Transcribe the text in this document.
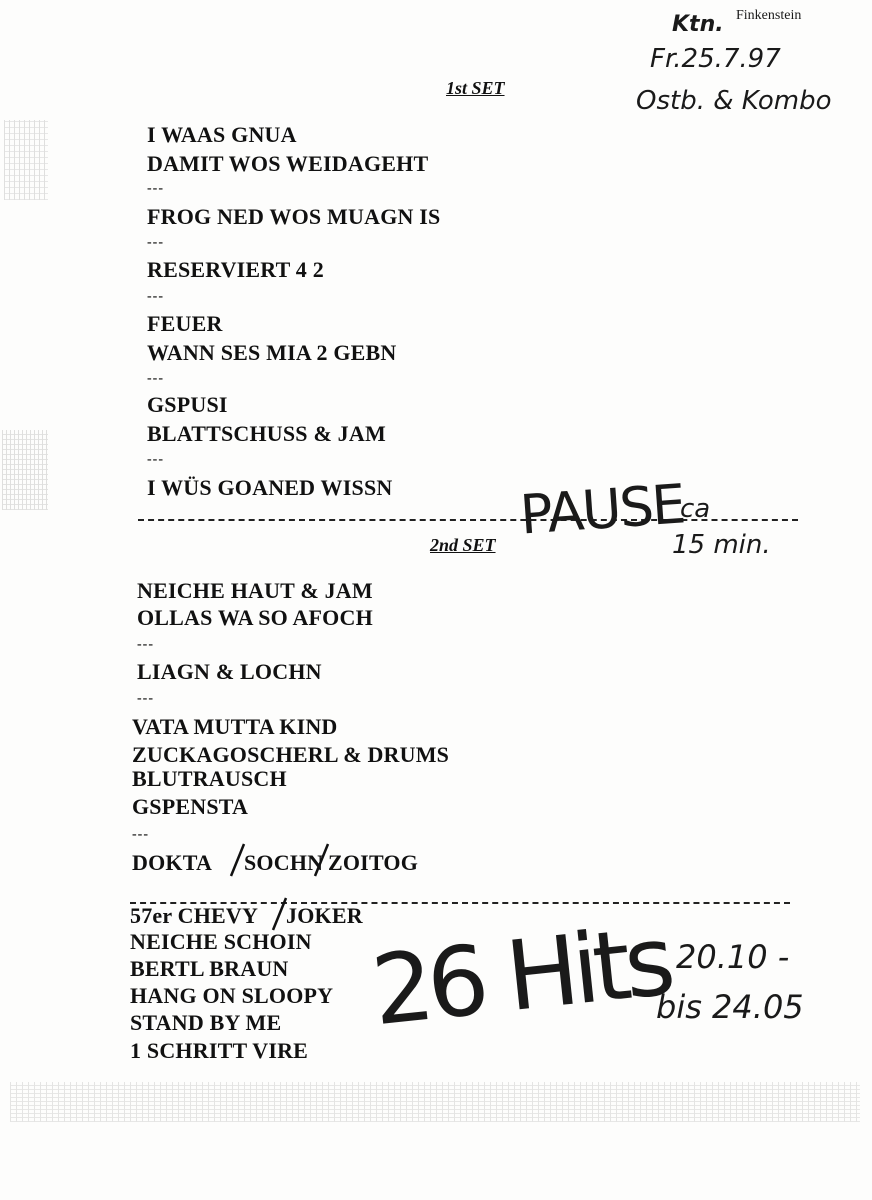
Ktn. Finkenstein

Fr.25.7.97

Ostb. & Kombo

1st SET

I WAAS GNUA

DAMIT WOS WEIDAGEHT

---

FROG NED WOS MUAGN IS

---

RESERVIERT 4 2

---

FEUER

WANN SES MIA 2 GEBN

---

GSPUSI

BLATTSCHUSS & JAM

---

I WÜS GOANED WISSN

2nd SET PAUSE

ca

15 min.

NEICHE HAUT & JAM

OLLAS WA SO AFOCH

---

LIAGN & LOCHN

---

VATA MUTTA KIND

ZUCKAGOSCHERL & DRUMS

BLUTRAUSCH

GSPENSTA

---

DOKTA SOCHN ZOITOG

57er CHEVY JOKER

NEICHE SCHOIN

BERTL BRAUN

HANG ON SLOOPY

STAND BY ME

1 SCHRITT VIRE

26 Hits 20.10 -

bis 24.05
